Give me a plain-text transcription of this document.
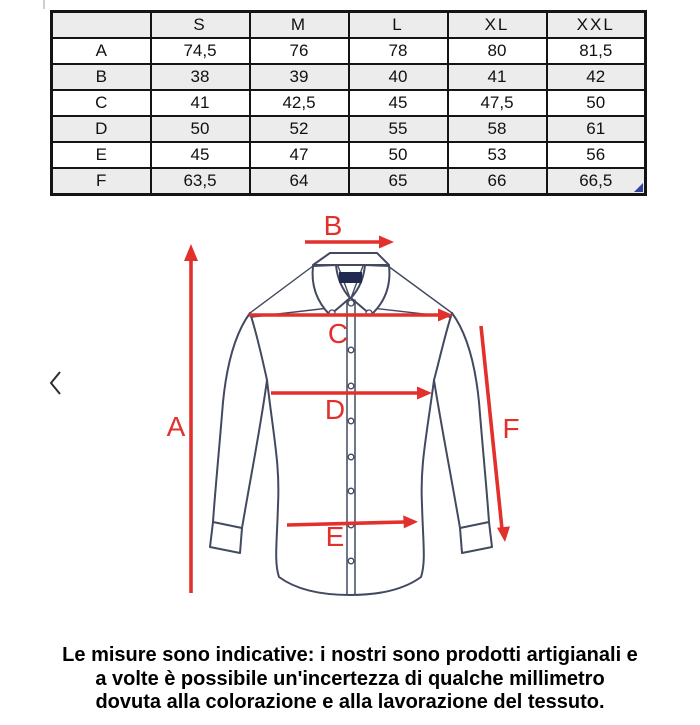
	S	M	L	XL	XXL
A	74,5	76	78	80	81,5
B	38	39	40	41	42
C	41	42,5	45	47,5	50
D	50	52	55	58	61
E	45	47	50	53	56
F	63,5	64	65	66	66,5
A
B
C
D
E
F
Le misure sono indicative: i nostri sono prodotti artigianali e
a volte è possibile un'incertezza di qualche millimetro
dovuta alla colorazione e alla lavorazione del tessuto.
